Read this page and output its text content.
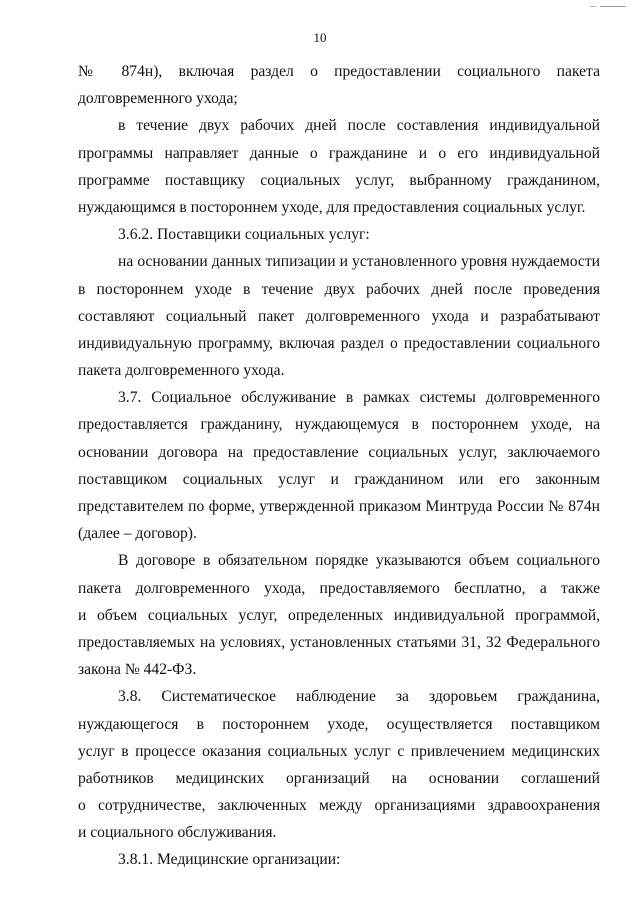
10
№ 874н), включая раздел о предоставлении социального пакета
долговременного ухода;
в течение двух рабочих дней после составления индивидуальной
программы направляет данные о гражданине и о его индивидуальной
программе поставщику социальных услуг, выбранному гражданином,
нуждающимся в постороннем уходе, для предоставления социальных услуг.
3.6.2. Поставщики социальных услуг:
на основании данных типизации и установленного уровня нуждаемости
в постороннем уходе в течение двух рабочих дней после проведения
составляют социальный пакет долговременного ухода и разрабатывают
индивидуальную программу, включая раздел о предоставлении социального
пакета долговременного ухода.
3.7. Социальное обслуживание в рамках системы долговременного
предоставляется гражданину, нуждающемуся в постороннем уходе, на
основании договора на предоставление социальных услуг, заключаемого
поставщиком социальных услуг и гражданином или его законным
представителем по форме, утвержденной приказом Минтруда России № 874н
(далее – договор).
В договоре в обязательном порядке указываются объем социального
пакета долговременного ухода, предоставляемого бесплатно, а также
и объем социальных услуг, определенных индивидуальной программой,
предоставляемых на условиях, установленных статьями 31, 32 Федерального
закона № 442-ФЗ.
3.8. Систематическое наблюдение за здоровьем гражданина,
нуждающегося в постороннем уходе, осуществляется поставщиком
услуг в процессе оказания социальных услуг с привлечением медицинских
работников медицинских организаций на основании соглашений
о сотрудничестве, заключенных между организациями здравоохранения
и социального обслуживания.
3.8.1. Медицинские организации:
